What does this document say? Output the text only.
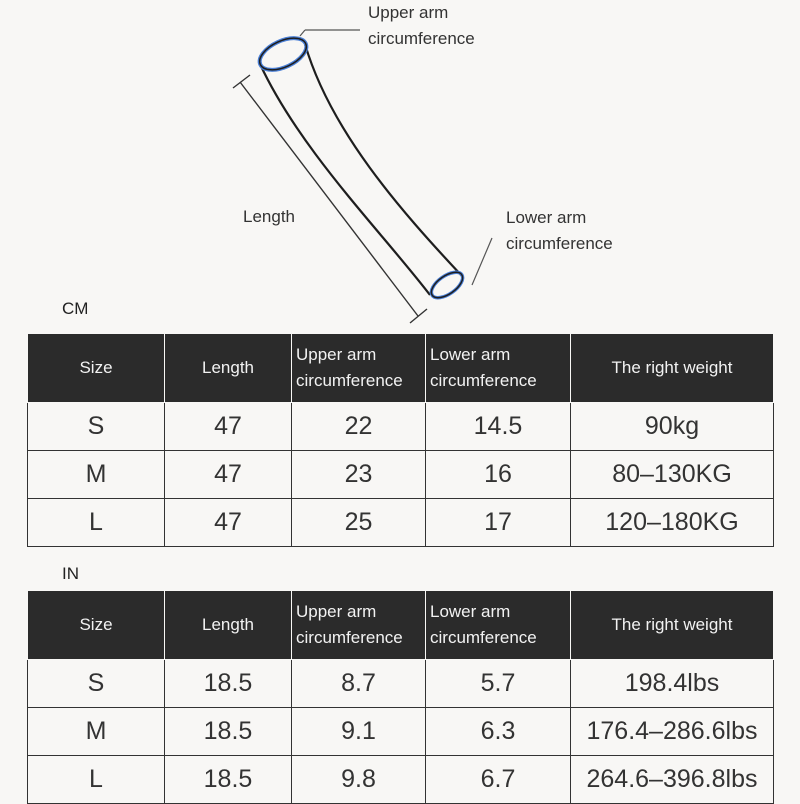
Upper arm
circumference
Lower arm
circumference
Length
CM
Size	Length	Upper arm circumference	Lower arm circumference	The right weight
S	47	22	14.5	90kg
M	47	23	16	80–130KG
L	47	25	17	120–180KG
IN
Size	Length	Upper arm circumference	Lower arm circumference	The right weight
S	18.5	8.7	5.7	198.4lbs
M	18.5	9.1	6.3	176.4–286.6lbs
L	18.5	9.8	6.7	264.6–396.8lbs
